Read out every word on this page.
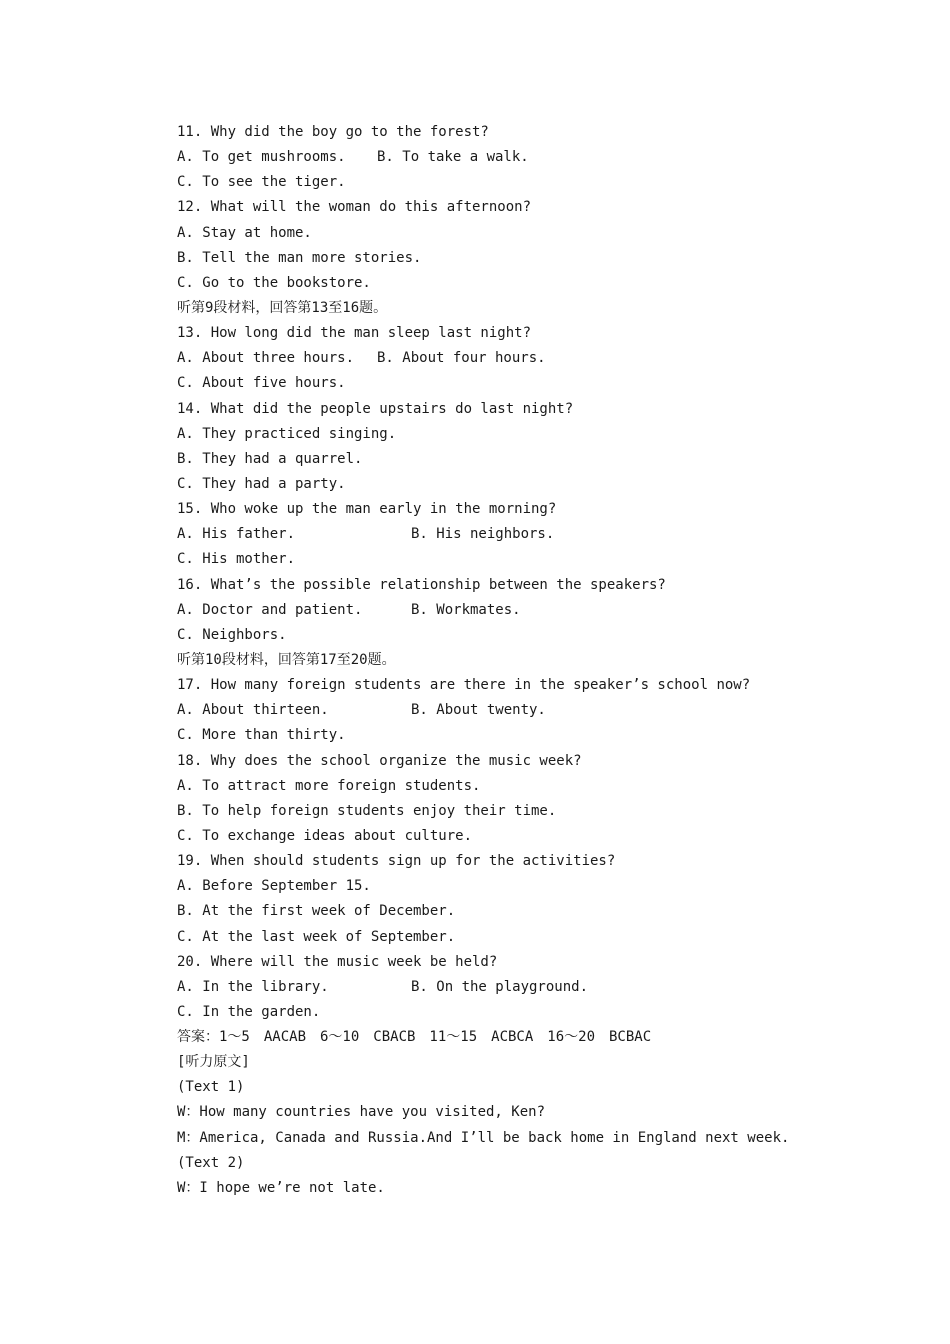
11. Why did the boy go to the forest?
A. To get mushrooms. B. To take a walk.
C. To see the tiger.
12. What will the woman do this afternoon?
A. Stay at home.
B. Tell the man more stories.
C. Go to the bookstore.
听第9段材料，回答第13至16题。
13. How long did the man sleep last night?
A. About three hours. B. About four hours.
C. About five hours.
14. What did the people upstairs do last night?
A. They practiced singing.
B. They had a quarrel.
C. They had a party.
15. Who woke up the man early in the morning?
A. His father.	B. His neighbors.
C. His mother.
16. What’s the possible relationship between the speakers?
A. Doctor and patient.	B. Workmates.
C. Neighbors.
听第10段材料，回答第17至20题。
17. How many foreign students are there in the speaker’s school now?
A. About thirteen.	B. About twenty.
C. More than thirty.
18. Why does the school organize the music week?
A. To attract more foreign students.
B. To help foreign students enjoy their time.
C. To exchange ideas about culture.
19. When should students sign up for the activities?
A. Before September 15.
B. At the first week of December.
C. At the last week of September.
20. Where will the music week be held?
A. In the library.	B. On the playground.
C. In the garden.
答案：1～5　AACAB　6～10　CBACB　11～15　ACBCA　16～20　BCBAC
[听力原文]
(Text 1)
W：How many countries have you visited, Ken?
M：America, Canada and Russia.And I’ll be back home in England next week.
(Text 2)
W：I hope we’re not late.
